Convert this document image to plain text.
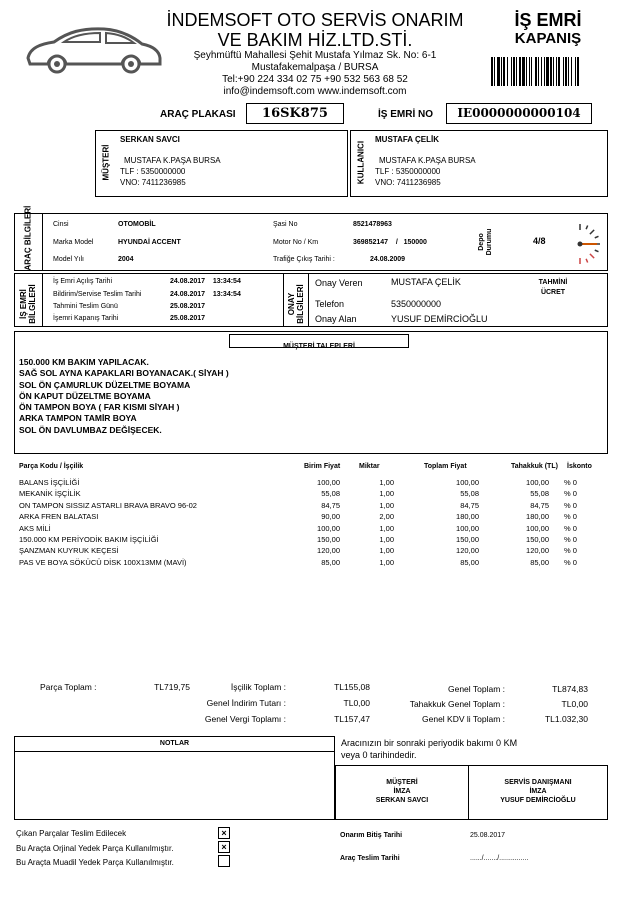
İNDEMSOFT OTO SERVİS ONARIM
VE BAKIM HİZ.LTD.STİ.
Şeyhmüftü Mahallesi Şehit Mustafa Yılmaz Sk. No: 6-1
Mustafakemalpaşa / BURSA
Tel:+90 224 334 02 75 +90 532 563 68 52
info@indemsoft.com www.indemsoft.com
İŞ EMRİ
KAPANIŞ
ARAÇ PLAKASI	16SK875	İŞ EMRİ NO	IE0000000000104
MÜŞTERİ
SERKAN SAVCI
MUSTAFA K.PAŞA BURSA
TLF : 5350000000
VNO: 7411236985	KULLANICI
MUSTAFA ÇELİK
MUSTAFA K.PAŞA BURSA
TLF : 5350000000
VNO: 7411236985
ARAÇ BİLGİLERİ	Cinsi	OTOMOBİL
Marka Model	HYUNDAİ ACCENT
Model Yılı	2004
Şasi No	8521478963
Motor No / Km	369852147    /   150000
Trafiğe Çıkış Tarihi :	24.08.2009
Depo Durumu	4/8
İŞ EMRİ BİLGİLERİ
İş Emri Açılış Tarihi	24.08.2017    13:34:54
Bildirim/Servise Teslim Tarihi	24.08.2017    13:34:54
Tahmini Teslim Günü	25.08.2017
İşemri Kapanış Tarihi	25.08.2017
ONAY BİLGİLERİ
Onay Veren	MUSTAFA ÇELİK
Telefon	5350000000
Onay Alan	YUSUF DEMİRCİOĞLU
TAHMİNİ
ÜCRET
MÜŞTERİ TALEPLERİ
150.000 KM BAKIM YAPILACAK.
SAĞ SOL AYNA KAPAKLARI BOYANACAK.( SİYAH )
SOL ÖN ÇAMURLUK DÜZELTME BOYAMA
ÖN KAPUT DÜZELTME BOYAMA
ÖN TAMPON BOYA ( FAR KISMI SİYAH )
ARKA TAMPON TAMİR BOYA
SOL ÖN DAVLUMBAZ DEĞİŞECEK.
Parça Kodu / İşçilik	Birim Fiyat	Miktar	Toplam Fiyat	Tahakkuk (TL) İskonto
BALANS İŞÇİLİĞİ	100,00	1,00	100,00	100,00 % 0
MEKANİK İŞÇİLİK	55,08	1,00	55,08	55,08 % 0
ON TAMPON SISSIZ ASTARLI BRAVA BRAVO 96-02	84,75	1,00	84,75	84,75 % 0
ARKA FREN BALATASI	90,00	2,00	180,00	180,00 % 0
AKS MİLİ	100,00	1,00	100,00	100,00 % 0
150.000 KM PERİYODİK BAKIM İŞÇİLİĞİ	150,00	1,00	150,00	150,00 % 0
ŞANZMAN KUYRUK KEÇESİ	120,00	1,00	120,00	120,00 % 0
PAS VE BOYA SÖKÜCÜ DİSK 100X13MM (MAVİ)	85,00	1,00	85,00	85,00 % 0
Parça Toplam :	TL719,75	İşçilik Toplam :	TL155,08
Genel İndirim Tutarı :	TL0,00
Genel Vergi Toplamı :	TL157,47
Genel Toplam :	TL874,83
Tahakkuk Genel Toplam :	TL0,00
Genel KDV li Toplam :	TL1.032,30
NOTLAR	Aracınızın bir sonraki periyodik bakımı 0 KM
veya 0 tarihindedir.
MÜŞTERİ
İMZA
SERKAN SAVCI
SERVİS DANIŞMANI
İMZA
YUSUF DEMİRCİOĞLU
Çıkan Parçalar Teslim Edilecek	×
Bu Araçta Orjinal Yedek Parça Kullanılmıştır.	×
Bu Araçta Muadil Yedek Parça Kullanılmıştır.
Onarım Bitiş Tarihi	25.08.2017
Araç Teslim Tarihi	....../......./...............
